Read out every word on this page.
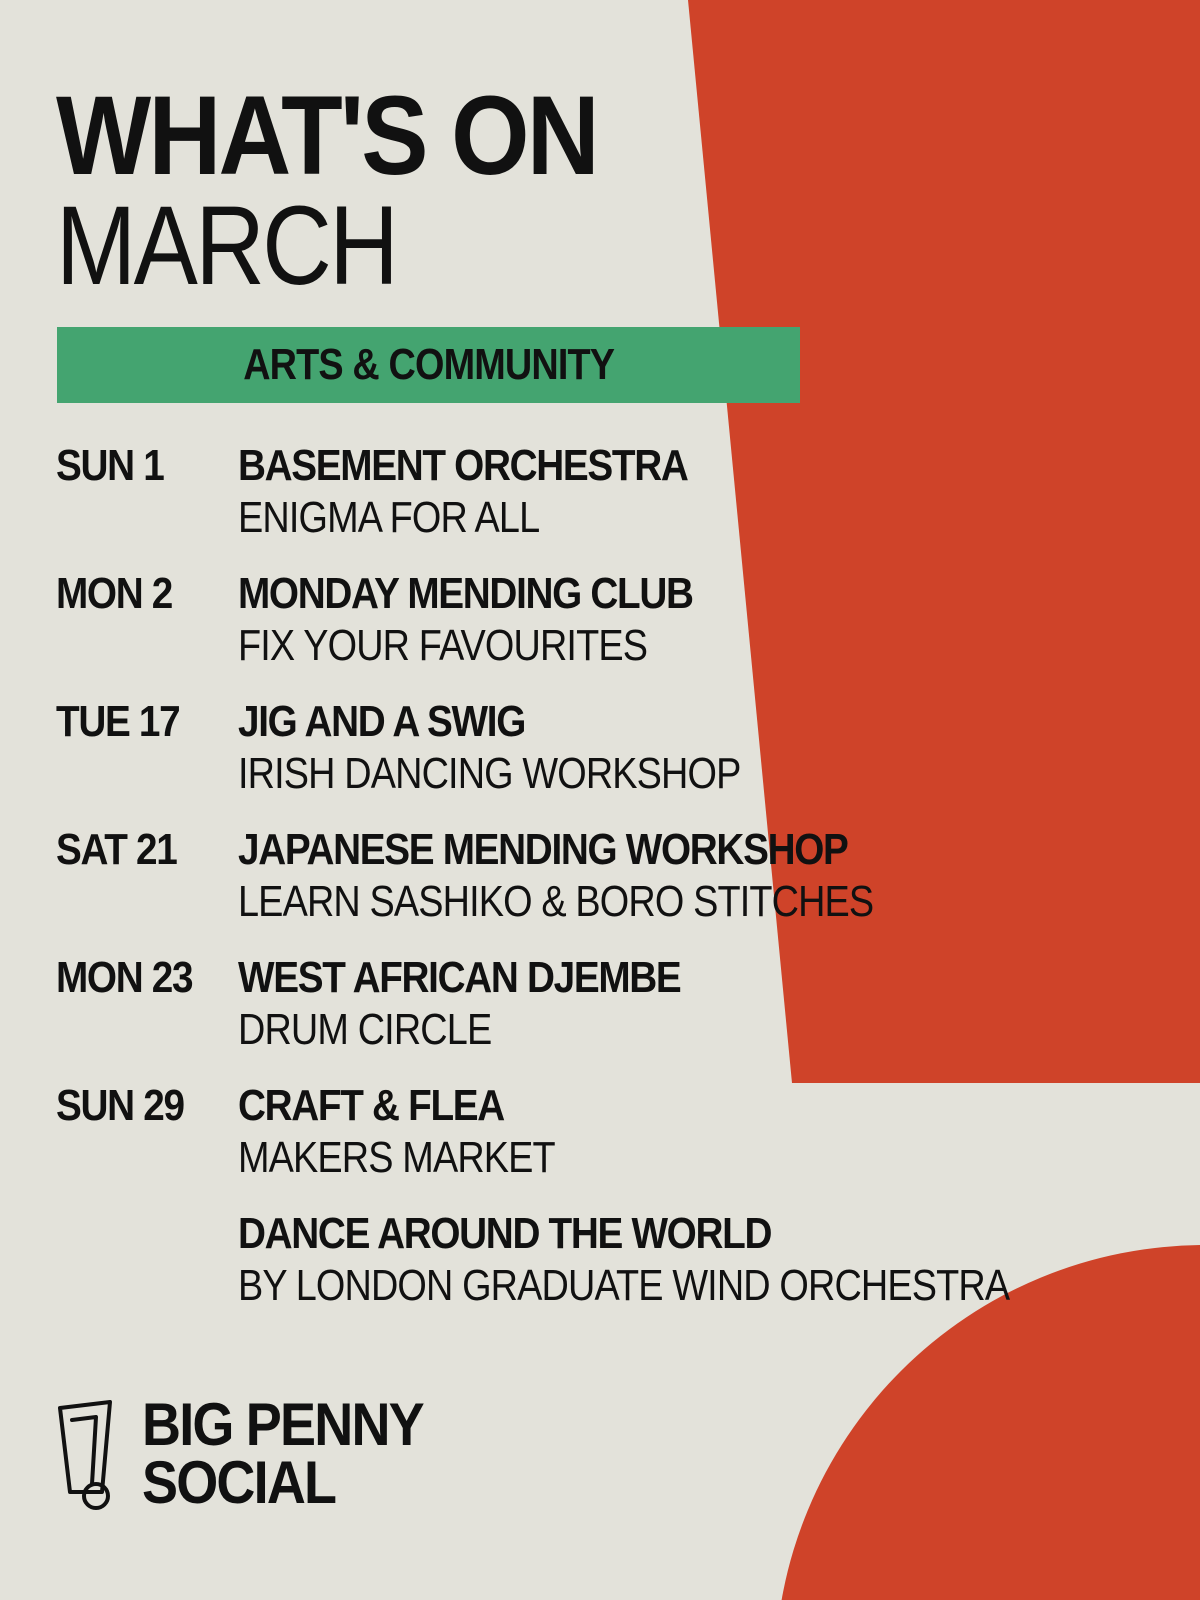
WHAT'S ON
MARCH
ARTS & COMMUNITY
SUN 1 BASEMENT ORCHESTRA
ENIGMA FOR ALL
MON 2 MONDAY MENDING CLUB
FIX YOUR FAVOURITES
TUE 17 JIG AND A SWIG
IRISH DANCING WORKSHOP
SAT 21 JAPANESE MENDING WORKSHOP
LEARN SASHIKO & BORO STITCHES
MON 23 WEST AFRICAN DJEMBE
DRUM CIRCLE
SUN 29 CRAFT & FLEA
MAKERS MARKET
DANCE AROUND THE WORLD
BY LONDON GRADUATE WIND ORCHESTRA
BIG PENNY
SOCIAL
